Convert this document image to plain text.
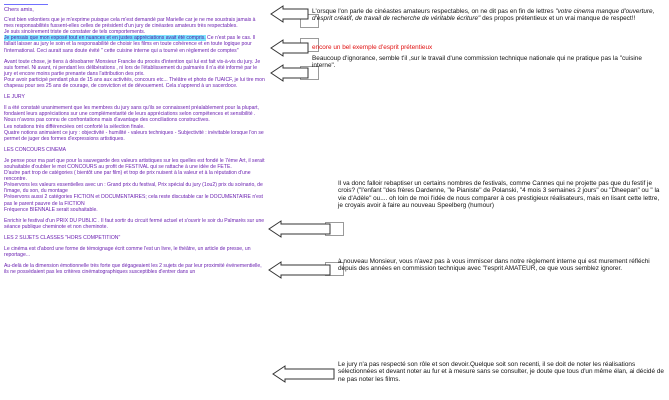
Chers amis,

C'est bien volontiers que je m'exprime puisque cela m'est demandé par Marielle car je ne me soustrais jamais à mes responsabilités fussent-elles celles de président d'un jury de cinéastes amateurs très respectables.
Je suis sincèrement triste de constater de tels comportements.
Je pensais que mon exposé tout en nuances et en justes appréciations avait été compris. Ce n'est pas le cas. Il fallait laisser au jury le soin et la responsabilité de choisir les films en toute cohérence et en toute logique pour l'international. Ceci aurait sans doute évité " cette cuisine interne qui a tourné en règlement de comptes"

Avant toute chose, je tiens à désobarrer Monsieur Francke du procès d'intention qui lui est fait vis-à-vis du jury. Je suis formel. Ni avant, ni pendant les délibérations , ni lors de l'établissement du palmarès il n'a été informé par le jury et encore moins partie prenante dans l'attribution des prix.

Pour avoir participé pendant plus de 15 ans aux activités, concours etc... Théâtre et photo de l'UAICF, je lui tire mon chapeau pour ses 25 ans de courage, de conviction et de dévouement. Cela s'apprend à un sacerdoce.

LE JURY

Il a été constaté unanimement que les membres du jury sans qu'ils se connaissent préalablement pour la plupart, fondaient leurs appréciations sur une complémentarité de leurs appréciations selon compétences et sensibilité .

Nous n'avons pas connu de confrontations mais d'avantage des conciliations constructives.

Les notations très différenciées ont conforté la sélection finale.

Quatre notions animaient ce jury : objectivité - humilité - valeurs techniques - Subjectivité : inévitable lorsque l'on se permet de juger des formes d'expressions artistiques.

LES CONCOURS CINEMA

Je pense pour ma part que pour la sauvegarde des valeurs artistiques sur les quelles est fondé le 7ème Art, il serait souhaitable d'oublier le mot CONCOURS au profit de FESTIVAL qui se rattache à une idée de FETE.

D'autre part trop de catégories ( bientôt une par film) et trop de prix nuisent à la valeur et à la réputation d'une rencontre.

Préservons les valeurs essentielles avec un : Grand prix du festival, Prix spécial du jury (1ou2) prix du scénario, de l'image, du son, du montage

Préservons aussi 2 catégories FICTION et DOCUMENTAIRES; cela reste discutable car le DOCUMENTAIRE n'est pas le parent pauvre de la FICTION

Fréquence BIENNALE serait souhaitable.

Enrichir le festival d'un PRIX DU PUBLIC . Il faut sortir du circuit fermé actuel et s'ouvrir le soir du Palmarès sur une séance publique cheminote et non cheminote.

LES 2 SUJETS CLASSES "HORS COMPETITION"

Le cinéma est d'abord une forme de témoignage écrit comme l'est un livre, le théâtre, un article de presse, un reportage...

Au-delà de la dimension émotionnelle très forte que dégageaient les 2 sujets de par leur proximité événementielle, ils ne possédaient pas les critères cinématographiques susceptibles d'entrer dans un

L'orsque l'on parle de cinéastes amateurs respectables, on ne dit pas en fin de lettres "votre cinema manque d'ouverture, d'esprit créatif, de travail de recherche de véritable écriture" des propos prétentieux et un vrai manque de respect!!
encore un bel exemple d'esprit prétentieux
Beaucoup d'ignorance, semble t'il ,sur le travail d'une commission technique nationale qui ne pratique pas la "cuisine interne".
Il va donc falloir rebaptiser un certains nombres de festivals, comme Cannes qui ne projette pas que du festif je crois? ("l'enfant "des frères Dardenne, "le Pianiste" de Polanski, "4 mois 3 semaines 2 jours" ou "Dheepan" ou " la vie d'Adèle" ou.... oh loin de moi l'idée de nous comparer à ces prestigieux réalisateurs, mais en lisant cette lettre, je croyais avoir à faire au nouveau Speelberg (humour)
à nouveau Monsieur, vous n'avez pas à vous immiscer dans notre règlement interne qui est murement réfléchi depuis des années en commission technique avec "l'esprit AMATEUR, ce que vous semblez ignorer.
Le jury n'a pas respecté son rôle et son devoir.Quelque soit son recenti, il se doit de noter les réalisations sélectionnées et devant noter au fur et à mesure sans se consulter, je doute que tous d'un même élan, ai décidé de ne pas noter les films.
